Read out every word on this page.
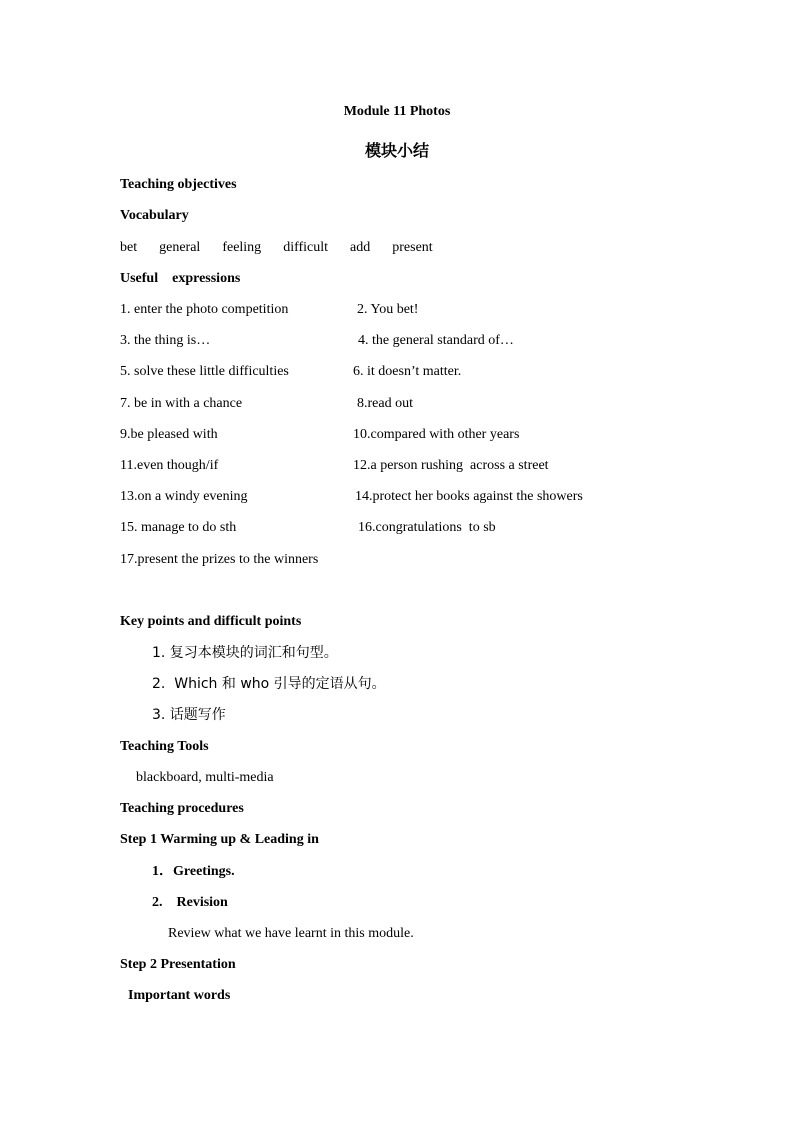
Module 11 Photos
模块小结
Teaching objectives
Vocabulary
bet general feeling difficult add present
Useful    expressions
1. enter the photo competition	2. You bet!
3. the thing is…	4. the general standard of…
5. solve these little difficulties	6. it doesn’t matter.
7. be in with a chance	8.read out
9.be pleased with	10.compared with other years
11.even though/if	12.a person rushing  across a street
13.on a windy evening	14.protect her books against the showers
15. manage to do sth	16.congratulations  to sb
17.present the prizes to the winners
Key points and difficult points
1. 复习本模块的词汇和句型。
2.  Which 和 who 引导的定语从句。
3. 话题写作
Teaching Tools
blackboard, multi-media
Teaching procedures
Step 1 Warming up & Leading in
1．Greetings.
2.    Revision
Review what we have learnt in this module.
Step 2 Presentation
Important words
